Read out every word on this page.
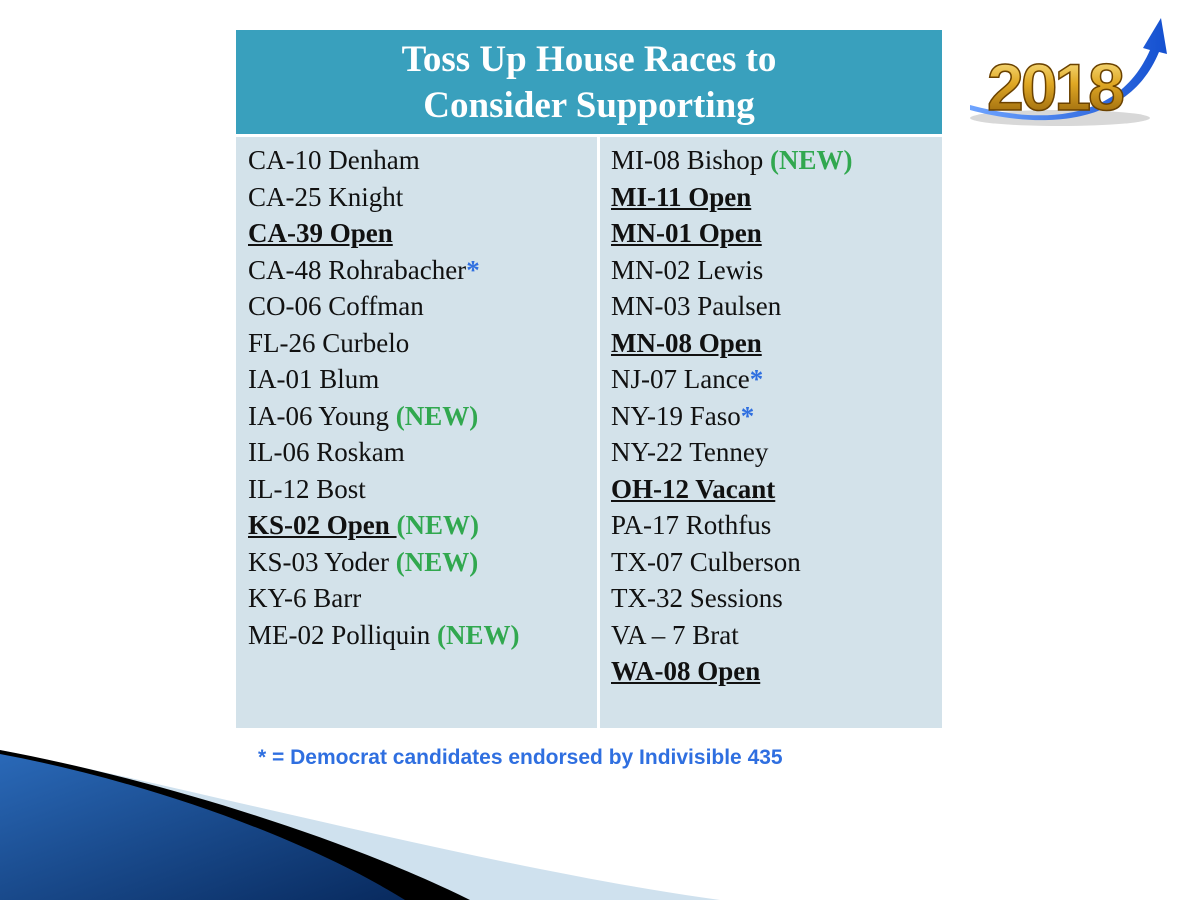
2018
Toss Up House Races to
Consider Supporting
CA-10 Denham
CA-25 Knight
CA-39 Open
CA-48 Rohrabacher*
CO-06 Coffman
FL-26 Curbelo
IA-01 Blum
IA-06 Young (NEW)
IL-06 Roskam
IL-12 Bost
KS-02 Open (NEW)
KS-03 Yoder (NEW)
KY-6 Barr
ME-02 Polliquin (NEW)
MI-08 Bishop (NEW)
MI-11 Open
MN-01 Open
MN-02 Lewis
MN-03 Paulsen
MN-08 Open
NJ-07 Lance*
NY-19 Faso*
NY-22 Tenney
OH-12 Vacant
PA-17 Rothfus
TX-07 Culberson
TX-32 Sessions
VA – 7 Brat
WA-08 Open
* = Democrat candidates endorsed by Indivisible 435
